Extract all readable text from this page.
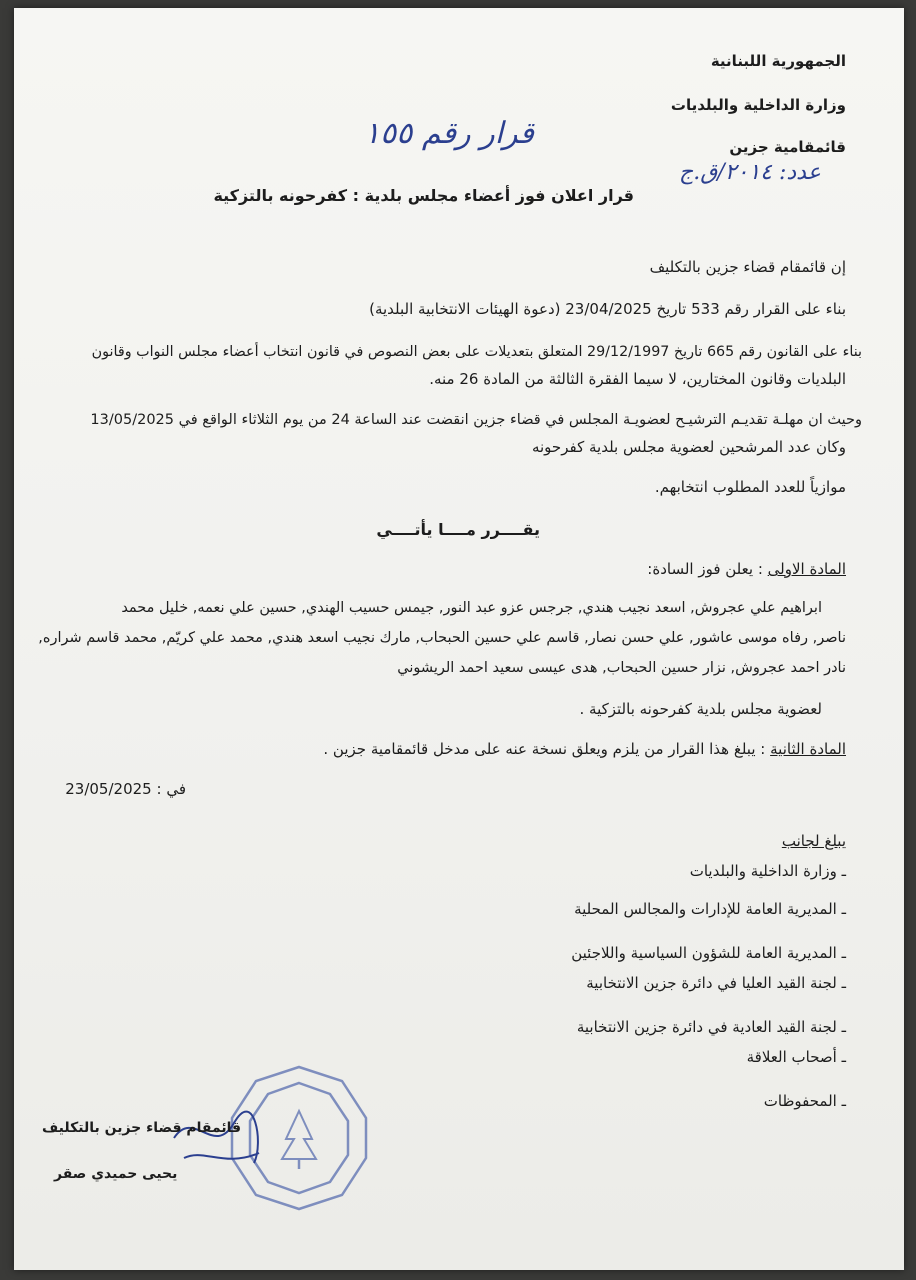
الجمهورية اللبنانية
وزارة الداخلية والبلديات
قائمقامية جزين
قرار رقم ١٥٥
عدد: ٢٠١٤/ق.ج
قرار اعلان فوز أعضاء مجلس بلدية : كفرحونه بالتزكية
إن قائمقام قضاء جزين بالتكليف
بناء على القرار رقم 533 تاريخ 23/04/2025 (دعوة الهيئات الانتخابية البلدية)
بناء على القانون رقم 665 تاريخ 29/12/1997 المتعلق بتعديلات على بعض النصوص في قانون انتخاب أعضاء مجلس النواب وقانون
البلديات وقانون المختارين، لا سيما الفقرة الثالثة من المادة 26 منه.
وحيث ان مهلـة تقديـم الترشيـح لعضويـة المجلس في قضاء جزين انقضت عند الساعة 24 من يوم الثلاثاء الواقع في 13/05/2025
وكان عدد المرشحين لعضوية مجلس بلدية كفرحونه
موازياً للعدد المطلوب انتخابهم.
يقــــرر مــــا يأتــــي
المادة الاولى : يعلن فوز السادة:
ابراهيم علي عجروش, اسعد نجيب هندي, جرجس عزو عبد النور, جيمس حسيب الهندي, حسين علي نعمه, خليل محمد
ناصر, رفاه موسى عاشور, علي حسن نصار, قاسم علي حسين الحبحاب, مارك نجيب اسعد هندي, محمد علي كريّم, محمد قاسم شراره,
نادر احمد عجروش, نزار حسين الحبحاب, هدى عيسى سعيد احمد الريشوني
لعضوية مجلس بلدية كفرحونه بالتزكية .
المادة الثانية : يبلغ هذا القرار من يلزم ويعلق نسخة عنه على مدخل قائمقامية جزين .
في : 23/05/2025
يبلغ لجانب
ـ وزارة الداخلية والبلديات
ـ المديرية العامة للإدارات والمجالس المحلية
ـ المديرية العامة للشؤون السياسية واللاجئين
ـ لجنة القيد العليا في دائرة جزين الانتخابية
ـ لجنة القيد العادية في دائرة جزين الانتخابية
ـ أصحاب العلاقة
ـ المحفوظات
قائمقام قضاء جزين بالتكليف
يحيى حميدي صقر
